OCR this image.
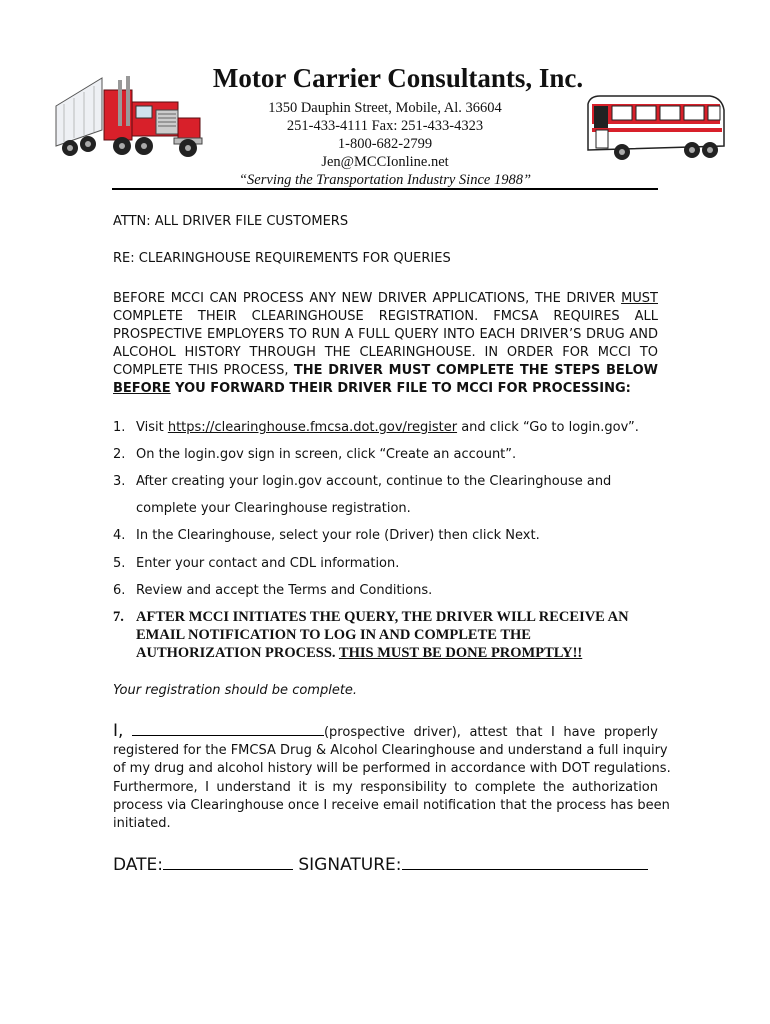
Motor Carrier Consultants, Inc.
1350 Dauphin Street, Mobile, Al. 36604
251-433-4111 Fax: 251-433-4323
1-800-682-2799
Jen@MCCIonline.net
“Serving the Transportation Industry Since 1988”
ATTN: ALL DRIVER FILE CUSTOMERS
RE: CLEARINGHOUSE REQUIREMENTS FOR QUERIES
BEFORE MCCI CAN PROCESS ANY NEW DRIVER APPLICATIONS, THE DRIVER MUST
COMPLETE THEIR CLEARINGHOUSE REGISTRATION. FMCSA REQUIRES ALL
PROSPECTIVE EMPLOYERS TO RUN A FULL QUERY INTO EACH DRIVER’S DRUG AND
ALCOHOL HISTORY THROUGH THE CLEARINGHOUSE. IN ORDER FOR MCCI TO
COMPLETE THIS PROCESS, THE DRIVER MUST COMPLETE THE STEPS BELOW
BEFORE YOU FORWARD THEIR DRIVER FILE TO MCCI FOR PROCESSING:
1. Visit https://clearinghouse.fmcsa.dot.gov/register and click “Go to login.gov”.
2. On the login.gov sign in screen, click “Create an account”.
3. After creating your login.gov account, continue to the Clearinghouse and
complete your Clearinghouse registration.
4. In the Clearinghouse, select your role (Driver) then click Next.
5. Enter your contact and CDL information.
6. Review and accept the Terms and Conditions.
7. AFTER MCCI INITIATES THE QUERY, THE DRIVER WILL RECEIVE AN
EMAIL NOTIFICATION TO LOG IN AND COMPLETE THE
AUTHORIZATION PROCESS. THIS MUST BE DONE PROMPTLY!!
Your registration should be complete.
I,	(prospective driver), attest that I have properly
registered for the FMCSA Drug & Alcohol Clearinghouse and understand a full inquiry
of my drug and alcohol history will be performed in accordance with DOT regulations.
Furthermore, I understand it is my responsibility to complete the authorization
process via Clearinghouse once I receive email notification that the process has been
initiated.
DATE:	SIGNATURE:
